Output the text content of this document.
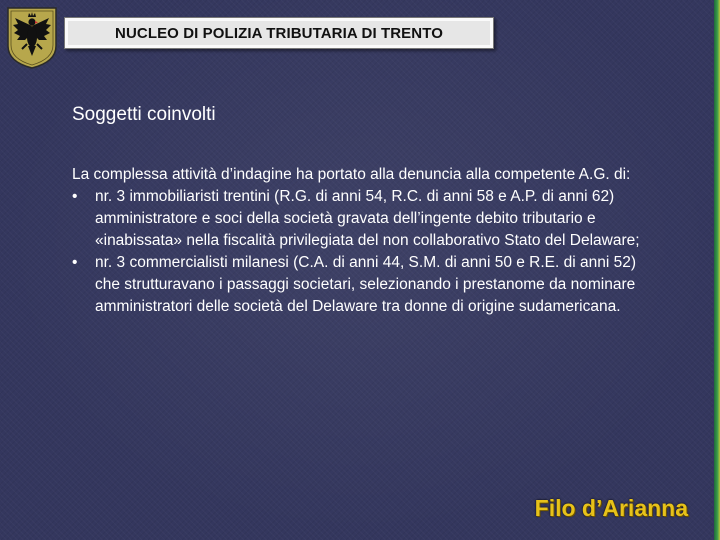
NUCLEO DI POLIZIA TRIBUTARIA DI TRENTO
Soggetti coinvolti

La complessa attività d’indagine ha portato alla denuncia alla competente A.G. di:

•	nr. 3 immobiliaristi trentini (R.G. di anni 54, R.C. di anni 58 e A.P. di anni 62) amministratore e soci della società gravata dell’ingente debito tributario e «inabissata» nella fiscalità privilegiata del non collaborativo Stato del Delaware;
•	nr. 3 commercialisti milanesi (C.A. di anni 44, S.M. di anni 50 e R.E. di anni 52) che strutturavano i passaggi societari, selezionando i prestanome da nominare amministratori delle società del Delaware tra donne di origine sudamericana.
Filo d’Arianna
